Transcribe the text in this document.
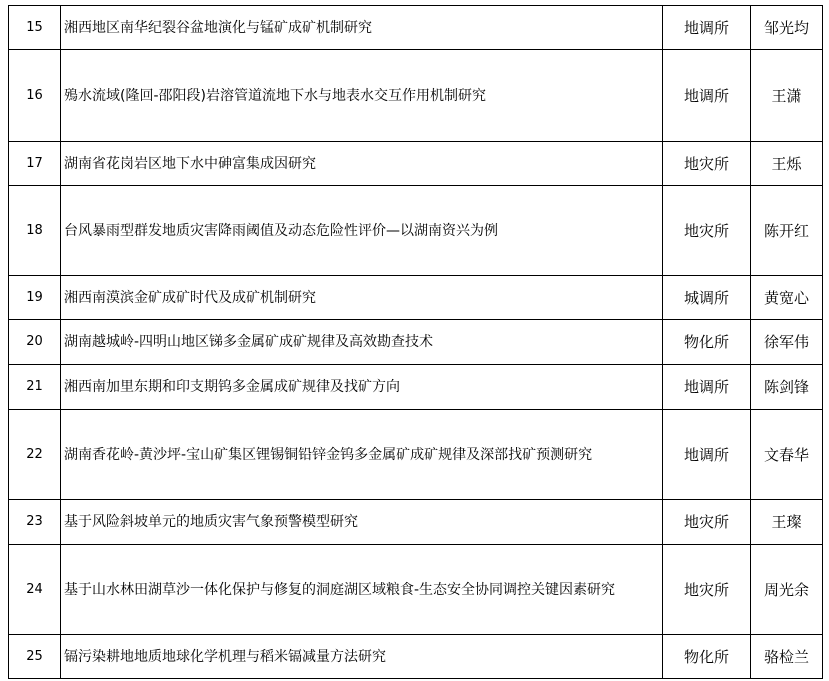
15	湘西地区南华纪裂谷盆地演化与锰矿成矿机制研究	地调所	邹光均
16	殦水流域(隆回-邵阳段)岩溶管道流地下水与地表水交互作用机制研究	地调所	王潇
17	湖南省花岗岩区地下水中砷富集成因研究	地灾所	王烁
18	台风暴雨型群发地质灾害降雨阈值及动态危险性评价—以湖南资兴为例	地灾所	陈开红
19	湘西南漠滨金矿成矿时代及成矿机制研究	城调所	黄宽心
20	湖南越城岭-四明山地区锑多金属矿成矿规律及高效勘查技术	物化所	徐军伟
21	湘西南加里东期和印支期钨多金属成矿规律及找矿方向	地调所	陈剑锋
22	湖南香花岭-黄沙坪-宝山矿集区锂锡铜铅锌金钨多金属矿成矿规律及深部找矿预测研究	地调所	文春华
23	基于风险斜坡单元的地质灾害气象预警模型研究	地灾所	王璨
24	基于山水林田湖草沙一体化保护与修复的洞庭湖区域粮食-生态安全协同调控关键因素研究	地灾所	周光余
25	镉污染耕地地质地球化学机理与稻米镉减量方法研究	物化所	骆检兰
